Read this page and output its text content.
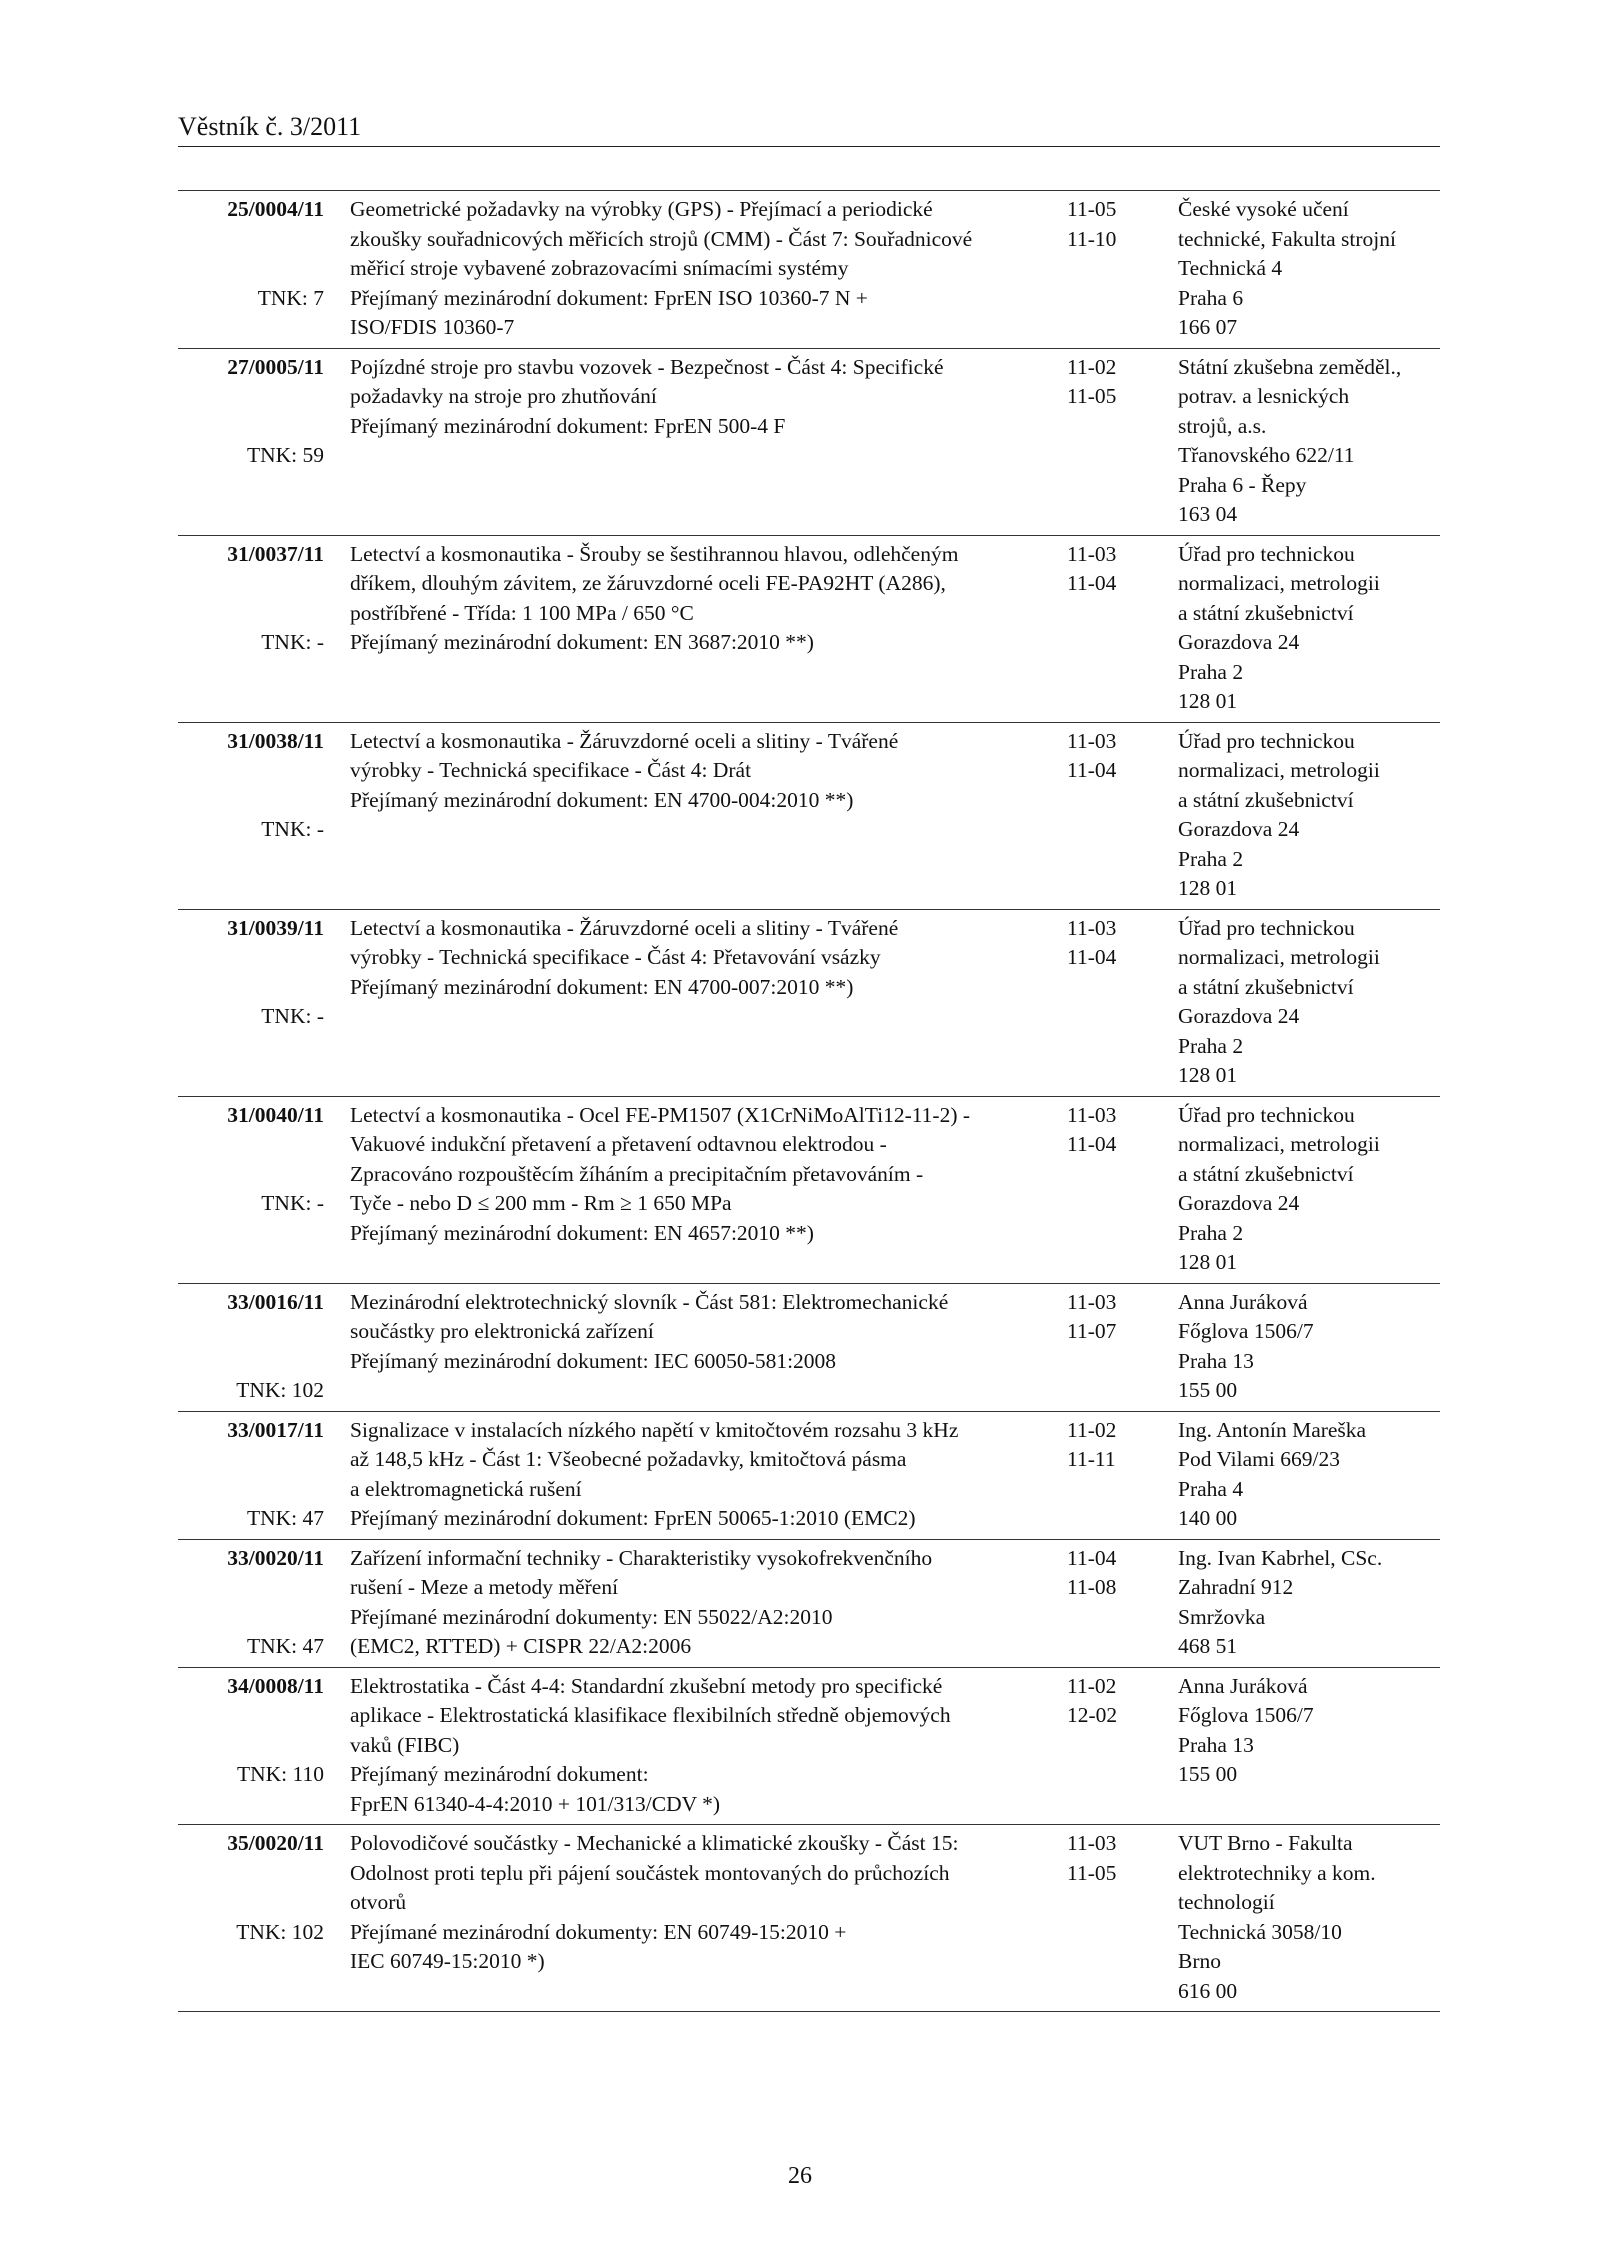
Věstník č. 3/2011
25/0004/11
TNK: 7
Geometrické požadavky na výrobky (GPS) - Přejímací a periodické
zkoušky souřadnicových měřicích strojů (CMM) - Část 7: Souřadnicové
měřicí stroje vybavené zobrazovacími snímacími systémy
Přejímaný mezinárodní dokument: FprEN ISO 10360-7 N +
ISO/FDIS 10360-7
11-05
11-10
České vysoké učení
technické, Fakulta strojní
Technická 4
Praha 6
166 07
27/0005/11
TNK: 59
Pojízdné stroje pro stavbu vozovek - Bezpečnost - Část 4: Specifické
požadavky na stroje pro zhutňování
Přejímaný mezinárodní dokument: FprEN 500-4 F
11-02
11-05
Státní zkušebna zeměděl.,
potrav. a lesnických
strojů, a.s.
Třanovského 622/11
Praha 6 - Řepy
163 04
31/0037/11
TNK: -
Letectví a kosmonautika - Šrouby se šestihrannou hlavou, odlehčeným
dříkem, dlouhým závitem, ze žáruvzdorné oceli FE-PA92HT (A286),
postříbřené - Třída: 1 100 MPa / 650 °C
Přejímaný mezinárodní dokument: EN 3687:2010 **)
11-03
11-04
Úřad pro technickou
normalizaci, metrologii
a státní zkušebnictví
Gorazdova 24
Praha 2
128 01
31/0038/11
TNK: -
Letectví a kosmonautika - Žáruvzdorné oceli a slitiny - Tvářené
výrobky - Technická specifikace - Část 4: Drát
Přejímaný mezinárodní dokument: EN 4700-004:2010 **)
11-03
11-04
Úřad pro technickou
normalizaci, metrologii
a státní zkušebnictví
Gorazdova 24
Praha 2
128 01
31/0039/11
TNK: -
Letectví a kosmonautika - Žáruvzdorné oceli a slitiny - Tvářené
výrobky - Technická specifikace - Část 4: Přetavování vsázky
Přejímaný mezinárodní dokument: EN 4700-007:2010 **)
11-03
11-04
Úřad pro technickou
normalizaci, metrologii
a státní zkušebnictví
Gorazdova 24
Praha 2
128 01
31/0040/11
TNK: -
Letectví a kosmonautika - Ocel FE-PM1507 (X1CrNiMoAlTi12-11-2) -
Vakuové indukční přetavení a přetavení odtavnou elektrodou -
Zpracováno rozpouštěcím žíháním a precipitačním přetavováním -
Tyče - nebo D ≤ 200 mm - Rm ≥ 1 650 MPa
Přejímaný mezinárodní dokument: EN 4657:2010 **)
11-03
11-04
Úřad pro technickou
normalizaci, metrologii
a státní zkušebnictví
Gorazdova 24
Praha 2
128 01
33/0016/11
TNK: 102
Mezinárodní elektrotechnický slovník - Část 581: Elektromechanické
součástky pro elektronická zařízení
Přejímaný mezinárodní dokument: IEC 60050-581:2008
11-03
11-07
Anna Juráková
Főglova 1506/7
Praha 13
155 00
33/0017/11
TNK: 47
Signalizace v instalacích nízkého napětí v kmitočtovém rozsahu 3 kHz
až 148,5 kHz - Část 1: Všeobecné požadavky, kmitočtová pásma
a elektromagnetická rušení
Přejímaný mezinárodní dokument: FprEN 50065-1:2010 (EMC2)
11-02
11-11
Ing. Antonín Mareška
Pod Vilami 669/23
Praha 4
140 00
33/0020/11
TNK: 47
Zařízení informační techniky - Charakteristiky vysokofrekvenčního
rušení - Meze a metody měření
Přejímané mezinárodní dokumenty: EN 55022/A2:2010
(EMC2, RTTED) + CISPR 22/A2:2006
11-04
11-08
Ing. Ivan Kabrhel, CSc.
Zahradní 912
Smržovka
468 51
34/0008/11
TNK: 110
Elektrostatika - Část 4-4: Standardní zkušební metody pro specifické
aplikace - Elektrostatická klasifikace flexibilních středně objemových
vaků (FIBC)
Přejímaný mezinárodní dokument:
FprEN 61340-4-4:2010 + 101/313/CDV *)
11-02
12-02
Anna Juráková
Főglova 1506/7
Praha 13
155 00
35/0020/11
TNK: 102
Polovodičové součástky - Mechanické a klimatické zkoušky - Část 15:
Odolnost proti teplu při pájení součástek montovaných do průchozích
otvorů
Přejímané mezinárodní dokumenty: EN 60749-15:2010 +
IEC 60749-15:2010 *)
11-03
11-05
VUT Brno - Fakulta
elektrotechniky a kom.
technologií
Technická 3058/10
Brno
616 00
26
